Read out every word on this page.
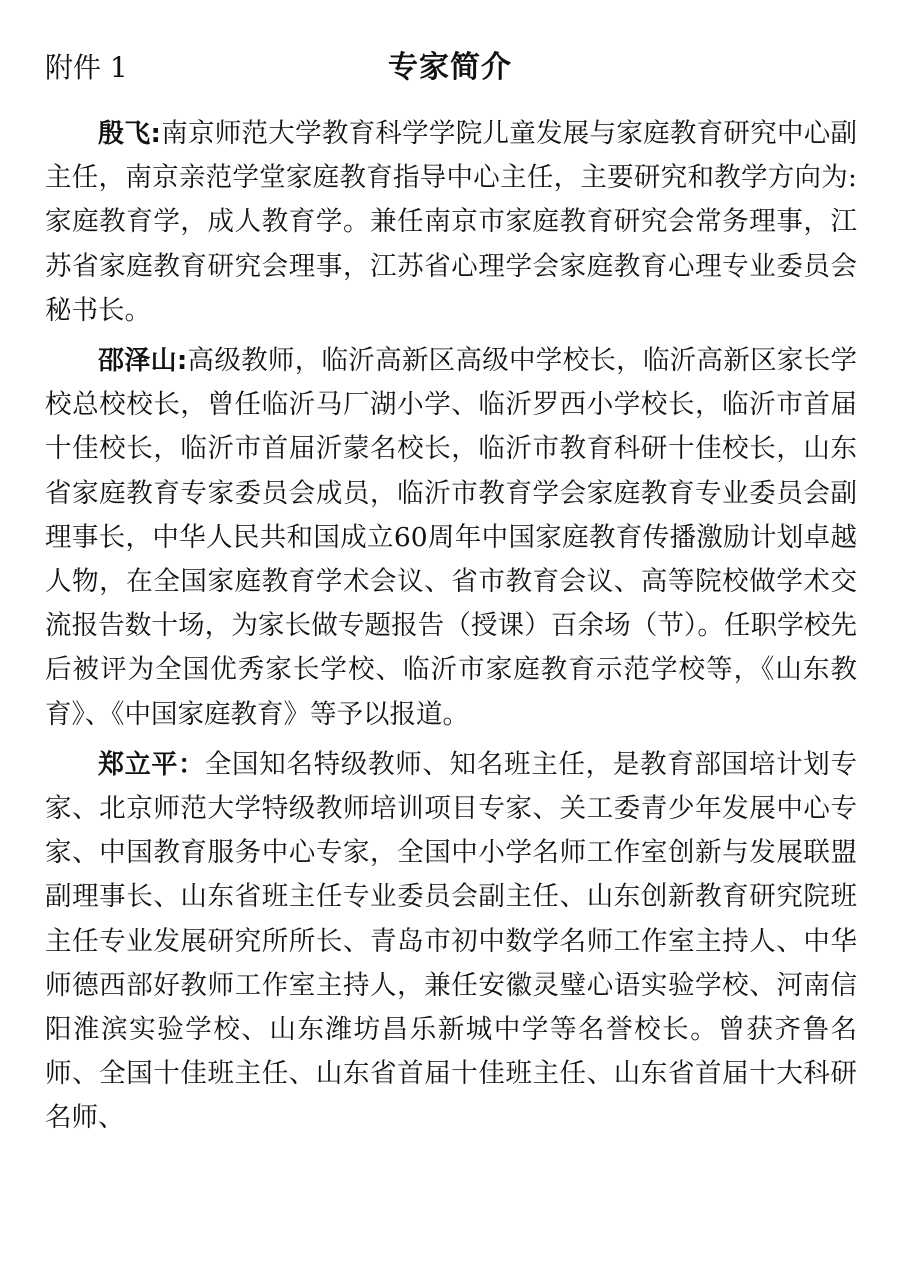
附件 1	专家简介

殷飞:南京师范大学教育科学学院儿童发展与家庭教育研究中心副主任，南京亲范学堂家庭教育指导中心主任，主要研究和教学方向为:家庭教育学，成人教育学。兼任南京市家庭教育研究会常务理事，江苏省家庭教育研究会理事，江苏省心理学会家庭教育心理专业委员会秘书长。

邵泽山:高级教师，临沂高新区高级中学校长，临沂高新区家长学校总校校长，曾任临沂马厂湖小学、临沂罗西小学校长，临沂市首届十佳校长，临沂市首届沂蒙名校长，临沂市教育科研十佳校长，山东省家庭教育专家委员会成员，临沂市教育学会家庭教育专业委员会副理事长，中华人民共和国成立60周年中国家庭教育传播激励计划卓越人物，在全国家庭教育学术会议、省市教育会议、高等院校做学术交流报告数十场，为家长做专题报告（授课）百余场（节）。任职学校先后被评为全国优秀家长学校、临沂市家庭教育示范学校等，《山东教育》、《中国家庭教育》等予以报道。

郑立平：全国知名特级教师、知名班主任，是教育部国培计划专家、北京师范大学特级教师培训项目专家、关工委青少年发展中心专家、中国教育服务中心专家，全国中小学名师工作室创新与发展联盟副理事长、山东省班主任专业委员会副主任、山东创新教育研究院班主任专业发展研究所所长、青岛市初中数学名师工作室主持人、中华师德西部好教师工作室主持人，兼任安徽灵璧心语实验学校、河南信阳淮滨实验学校、山东潍坊昌乐新城中学等名誉校长。曾获齐鲁名师、全国十佳班主任、山东省首届十佳班主任、山东省首届十大科研名师、
